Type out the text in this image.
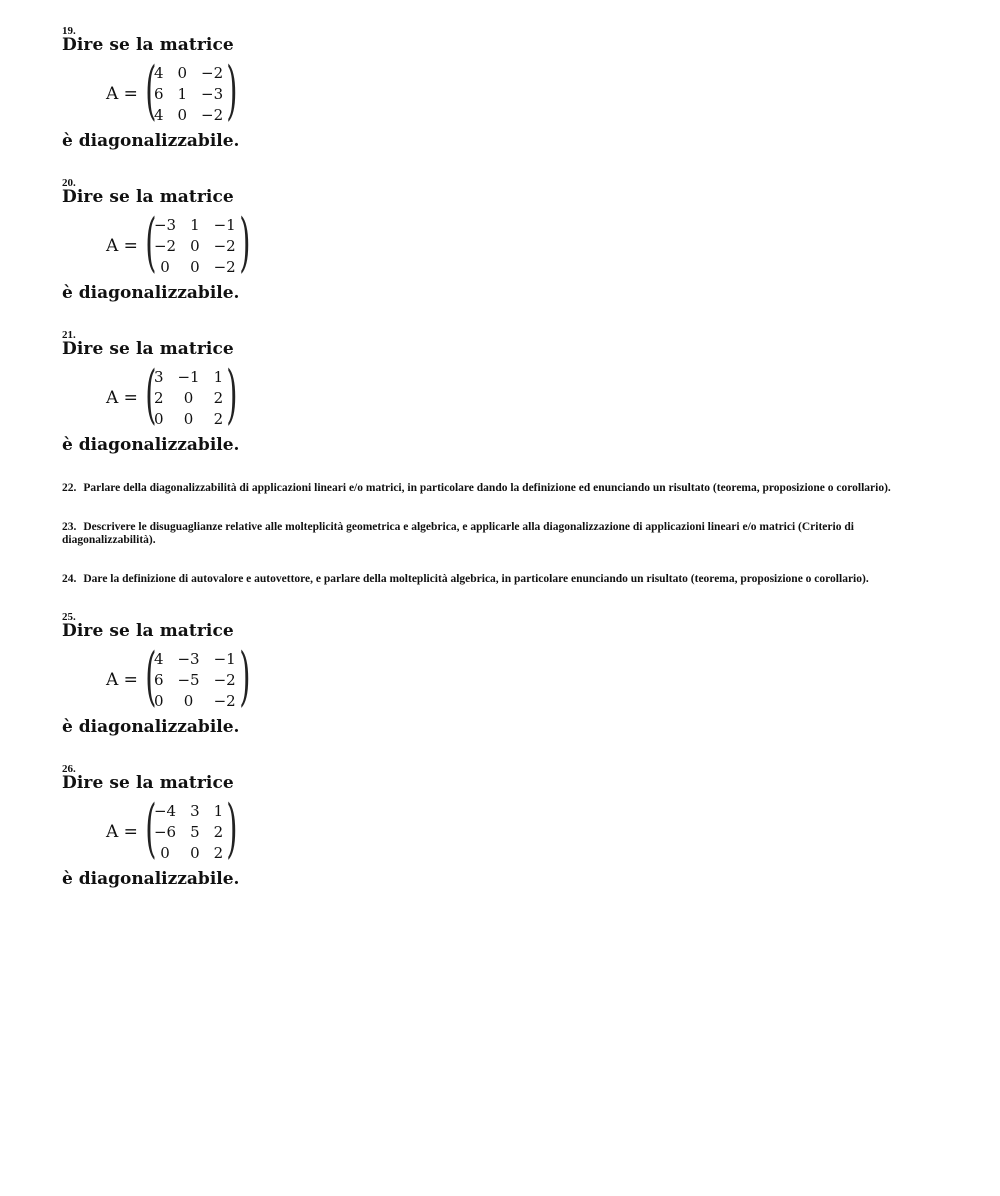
19.
Dire se la matrice
A = (
4 0 −2
6 1 −3
4 0 −2 )
è diagonalizzabile.
20.
Dire se la matrice
A = (
−3 1 −1
−2 0 −2
0	0 −2 )
è diagonalizzabile.
21.
Dire se la matrice
A = (
3 −1 1
2	0	2
0	0	2 )
è diagonalizzabile.

22. Parlare della diagonalizzabilità di applicazioni lineari e/o matrici, in particolare dando la definizione ed enunciando un risultato (teorema, proposizione o corollario).

23. Descrivere le disuguaglianze relative alle molteplicità geometrica e algebrica, e applicarle alla diagonalizzazione di applicazioni lineari e/o matrici (Criterio di diagonalizzabilità).

24. Dare la definizione di autovalore e autovettore, e parlare della molteplicità algebrica, in particolare enunciando un risultato (teorema, proposizione o corollario).

25.
Dire se la matrice
A = (
4 −3 −1
6 −5 −2
0	0	−2 )
è diagonalizzabile.
26.
Dire se la matrice
A = (
−4 3 1
−6 5 2
0	0 2 )
è diagonalizzabile.
